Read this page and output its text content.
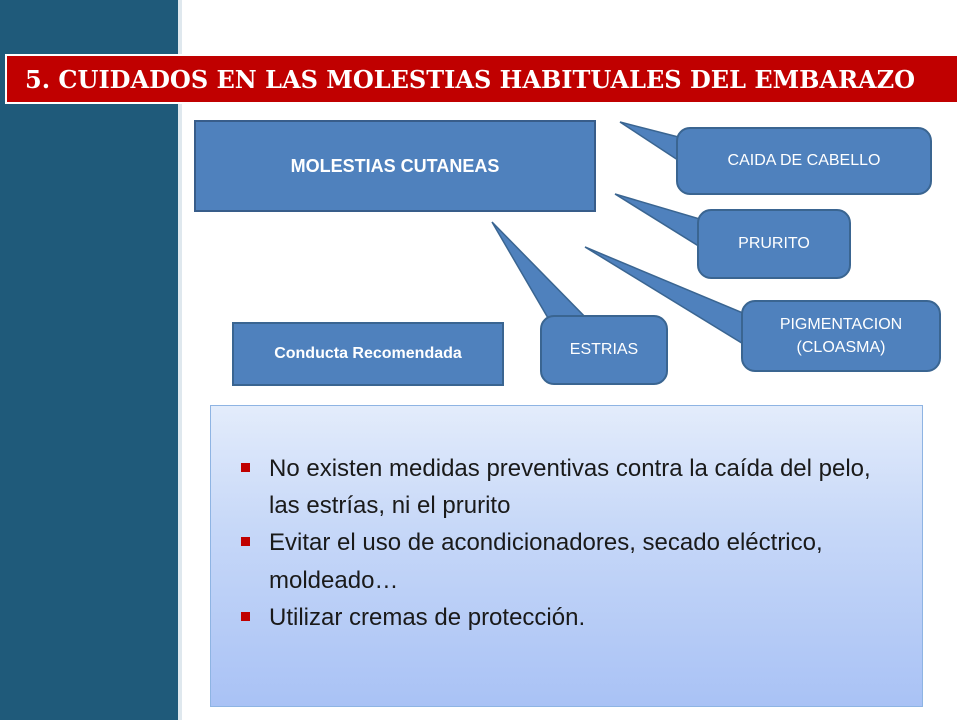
5. CUIDADOS EN LAS MOLESTIAS HABITUALES DEL EMBARAZO
MOLESTIAS CUTANEAS	CAIDA DE CABELLO
PRURITO
ESTRIAS
PIGMENTACION
(CLOASMA)
Conducta Recomendada
No existen medidas preventivas contra la caída del pelo, las estrías, ni el prurito
Evitar el uso de acondicionadores, secado eléctrico, moldeado…
Utilizar cremas de protección.
